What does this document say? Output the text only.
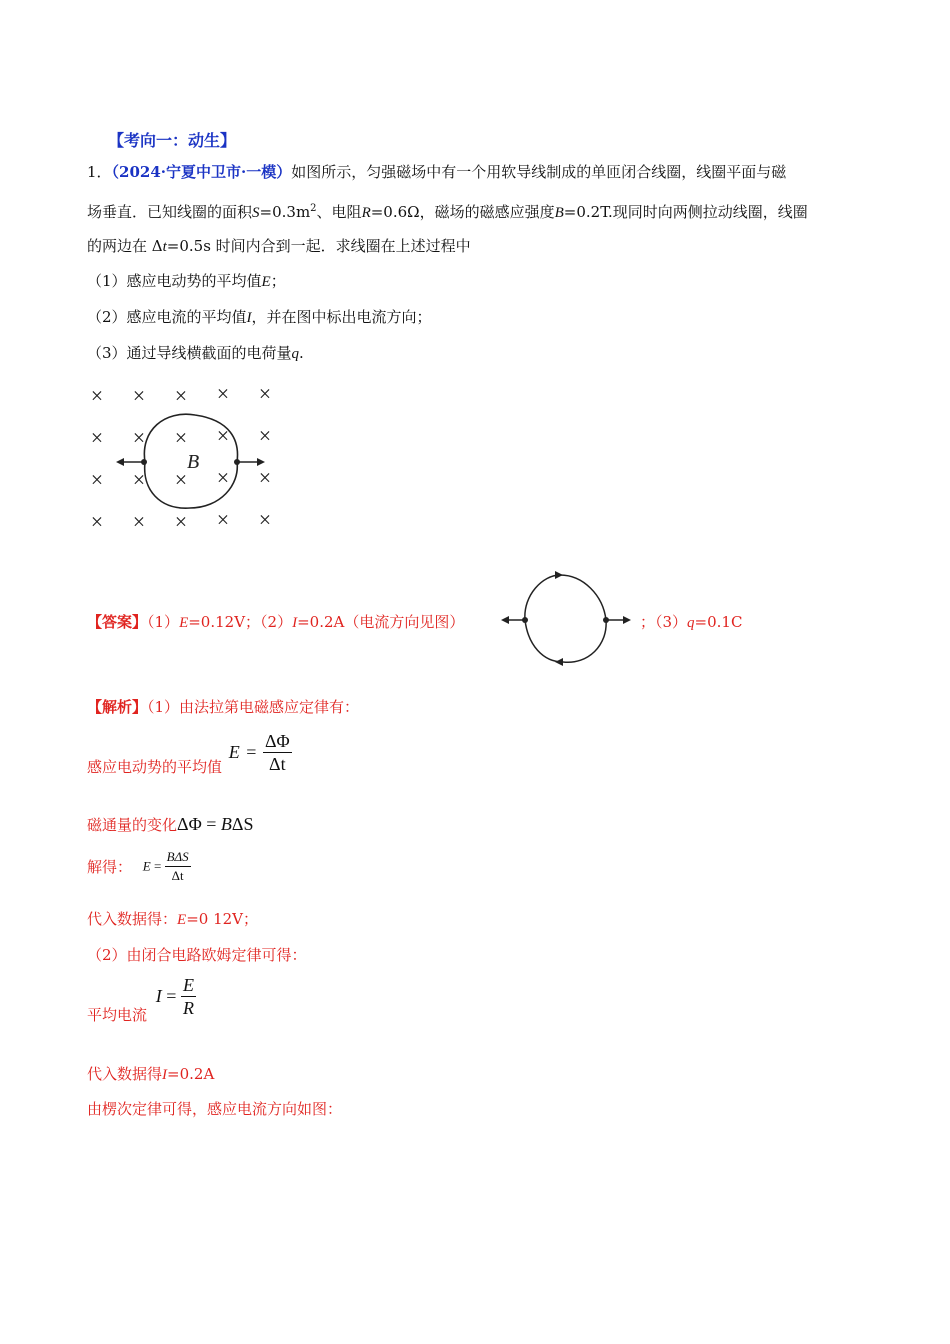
【考向一：动生】
1．（2024·宁夏中卫市·一模）如图所示，匀强磁场中有一个用软导线制成的单匝闭合线圈，线圈平面与磁
场垂直．已知线圈的面积$S=0.3m^2$、电阻R=0.6Ω，磁场的磁感应强度B=0.2T.现同时向两侧拉动线圈，线圈
的两边在 Δt=0.5s 时间内合到一起．求线圈在上述过程中
（1）感应电动势的平均值E；
（2）感应电流的平均值I，并在图中标出电流方向；
（3）通过导线横截面的电荷量q.
× × × × ×
× × × × ×
× × × × ×
× × × × ×
B
【答案】（1）E=0.12V；（2）I=0.2A（电流方向见图）	；（3）q=0.1C
【解析】（1）由法拉第电磁感应定律有：
感应电动势的平均值 $E = \frac{\Delta\Phi}{\Delta t}$
磁通量的变化ΔΦ = BΔS
解得： $E = \frac{\text{BΔS}}{\Delta t}$
代入数据得：E=0 12V；
（2）由闭合电路欧姆定律可得：
平均电流 $I = \frac{E}{R}$
代入数据得I=0.2A
由楞次定律可得，感应电流方向如图：
